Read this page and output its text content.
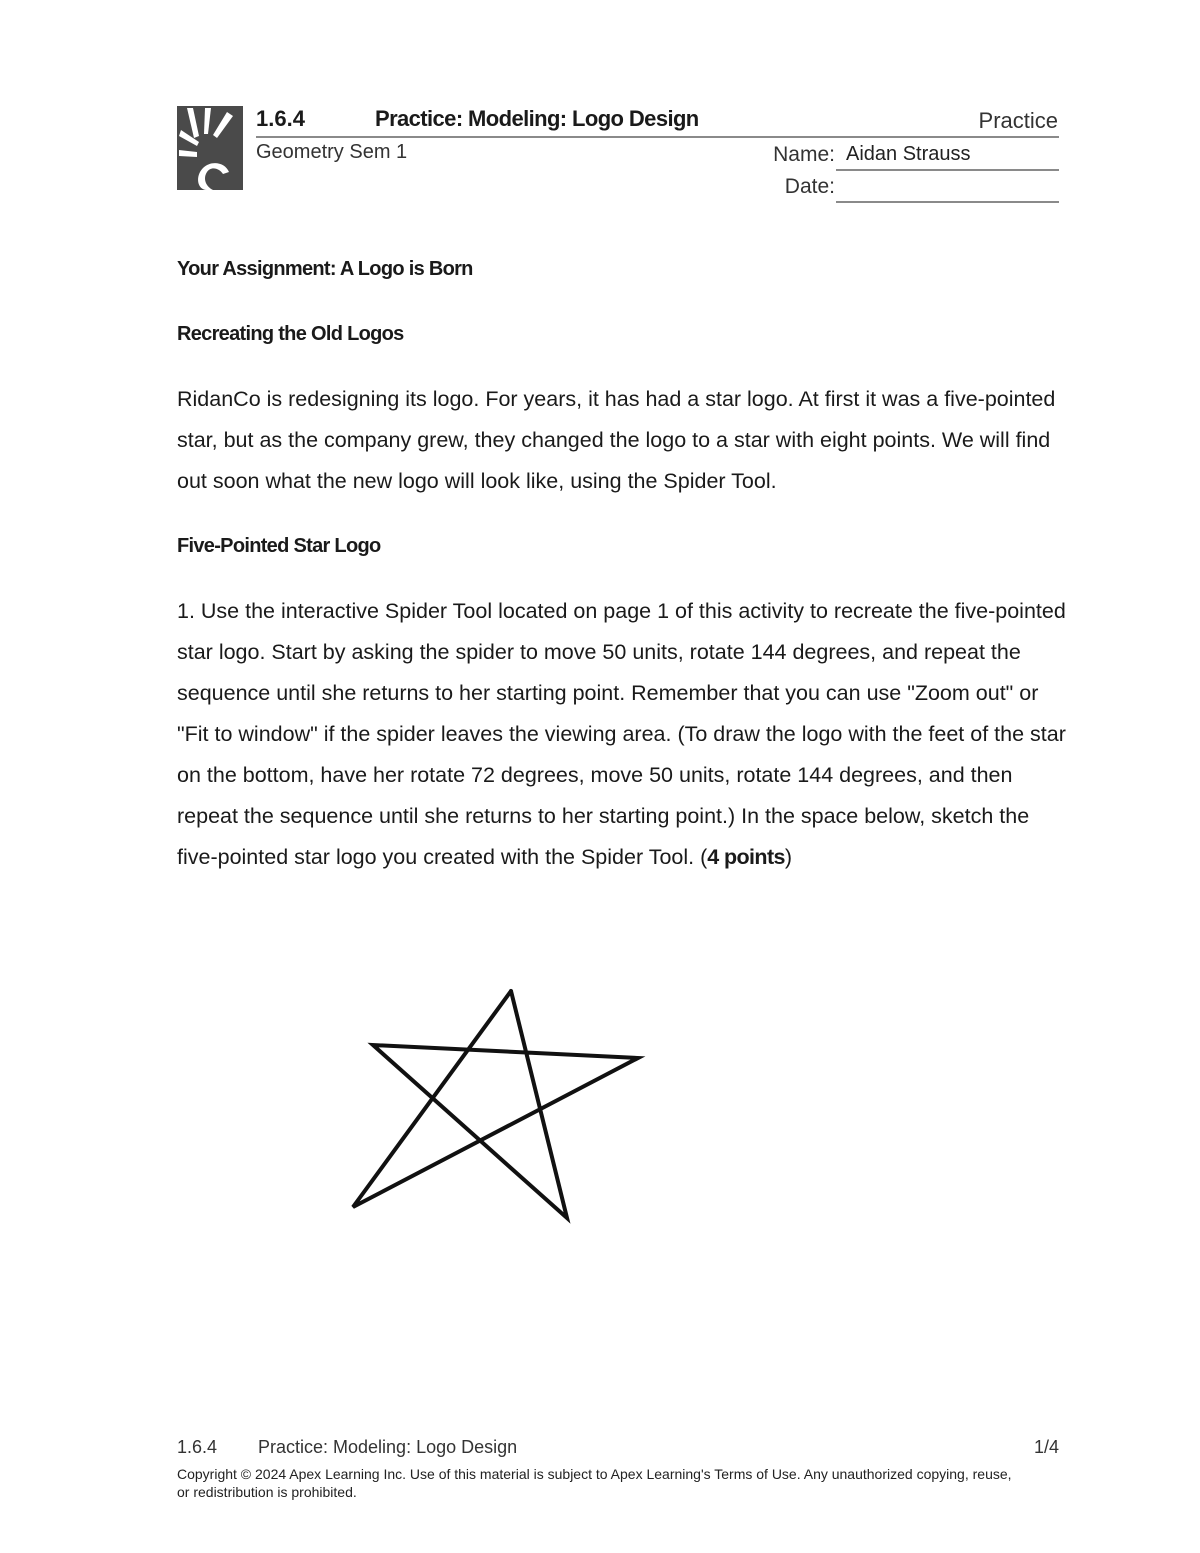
1.6.4	Practice: Modeling: Logo Design	Practice
Geometry Sem 1	Name: Aidan Strauss
Date:
Your Assignment: A Logo is Born
Recreating the Old Logos

RidanCo is redesigning its logo. For years, it has had a star logo. At first it was a five-pointed star, but as the company grew, they changed the logo to a star with eight points. We will find out soon what the new logo will look like, using the Spider Tool.

Five-Pointed Star Logo

1. Use the interactive Spider Tool located on page 1 of this activity to recreate the five-pointed star logo. Start by asking the spider to move 50 units, rotate 144 degrees, and repeat the sequence until she returns to her starting point. Remember that you can use "Zoom out" or "Fit to window" if the spider leaves the viewing area. (To draw the logo with the feet of the star on the bottom, have her rotate 72 degrees, move 50 units, rotate 144 degrees, and then repeat the sequence until she returns to her starting point.) In the space below, sketch the five-pointed star logo you created with the Spider Tool. (4 points)

1.6.4 Practice: Modeling: Logo Design	1/4
Copyright © 2024 Apex Learning Inc. Use of this material is subject to Apex Learning's Terms of Use. Any unauthorized copying, reuse, or redistribution is prohibited.
